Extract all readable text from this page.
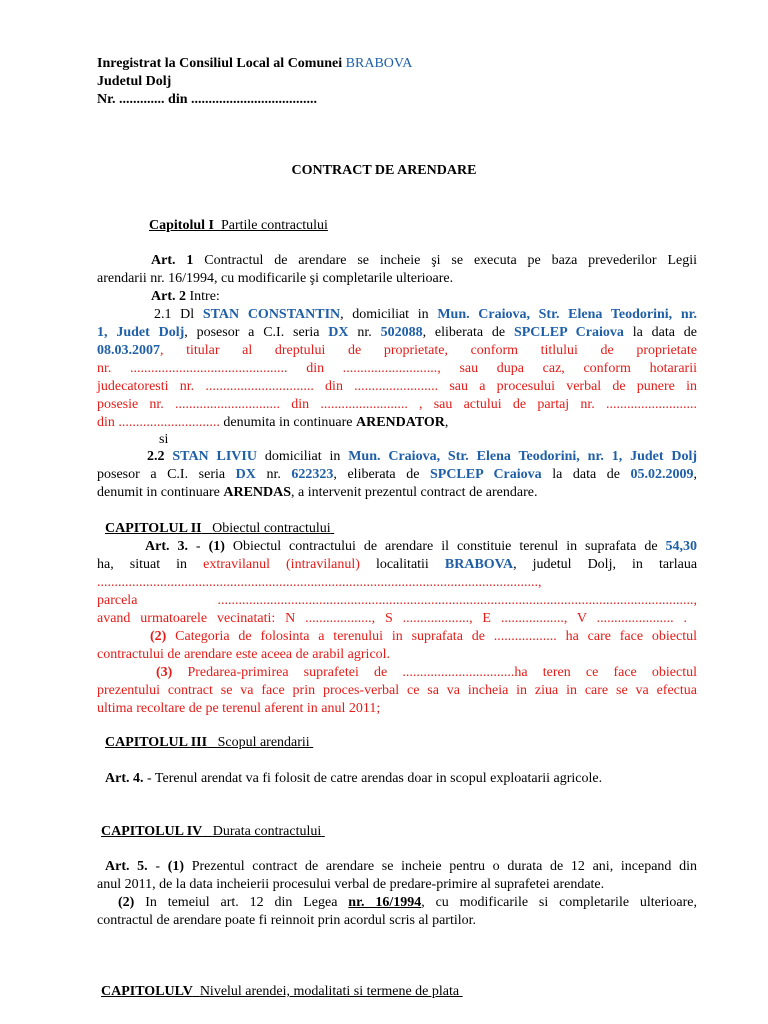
Inregistrat la Consiliul Local al Comunei BRABOVA
Judetul Dolj
Nr. ............. din ....................................
CONTRACT DE ARENDARE
Capitolul I Partile contractului
Art. 1 Contractul de arendare se incheie şi se executa pe baza prevederilor Legii
arendarii nr. 16/1994, cu modificarile şi completarile ulterioare.
Art. 2 Intre:
2.1 Dl STAN CONSTANTIN, domiciliat in Mun. Craiova, Str. Elena Teodorini, nr.
1, Judet Dolj, posesor a C.I. seria DX nr. 502088, eliberata de SPCLEP Craiova la data de
08.03.2007, titular al dreptului de proprietate, conform titlului de proprietate
nr. ............................................. din ..........................., sau dupa caz, conform hotararii
judecatoresti nr. ............................... din ........................ sau a procesului verbal de punere in
posesie nr. .............................. din ......................... , sau actului de partaj nr. ..........................
din ............................. denumita in continuare ARENDATOR,
si
2.2 STAN LIVIU domiciliat in Mun. Craiova, Str. Elena Teodorini, nr. 1, Judet Dolj
posesor a C.I. seria DX nr. 622323, eliberata de SPCLEP Craiova la data de 05.02.2009,
denumit in continuare ARENDAS, a intervenit prezentul contract de arendare.
CAPITOLUL II Obiectul contractului
Art. 3. - (1) Obiectul contractului de arendare il constituie terenul in suprafata de 54,30
ha, situat in extravilanul (intravilanul) localitatii BRABOVA, judetul Dolj, in tarlaua
..............................................................................................................................,
parcela ........................................................................................................................................,
avand urmatoarele vecinatati: N ..................., S ..................., E .................., V ...................... .
(2) Categoria de folosinta a terenului in suprafata de .................. ha care face obiectul
contractului de arendare este aceea de arabil agricol.
(3) Predarea-primirea suprafetei de ................................ha teren ce face obiectul
prezentului contract se va face prin proces-verbal ce sa va incheia in ziua in care se va efectua
ultima recoltare de pe terenul aferent in anul 2011;
CAPITOLUL III Scopul arendarii
Art. 4. - Terenul arendat va fi folosit de catre arendas doar in scopul exploatarii agricole.
CAPITOLUL IV Durata contractului
Art. 5. - (1) Prezentul contract de arendare se incheie pentru o durata de 12 ani, incepand din
anul 2011, de la data incheierii procesului verbal de predare-primire al suprafetei arendate.
(2) In temeiul art. 12 din Legea nr. 16/1994, cu modificarile si completarile ulterioare,
contractul de arendare poate fi reinnoit prin acordul scris al partilor.
CAPITOLULV Nivelul arendei, modalitati si termene de plata
